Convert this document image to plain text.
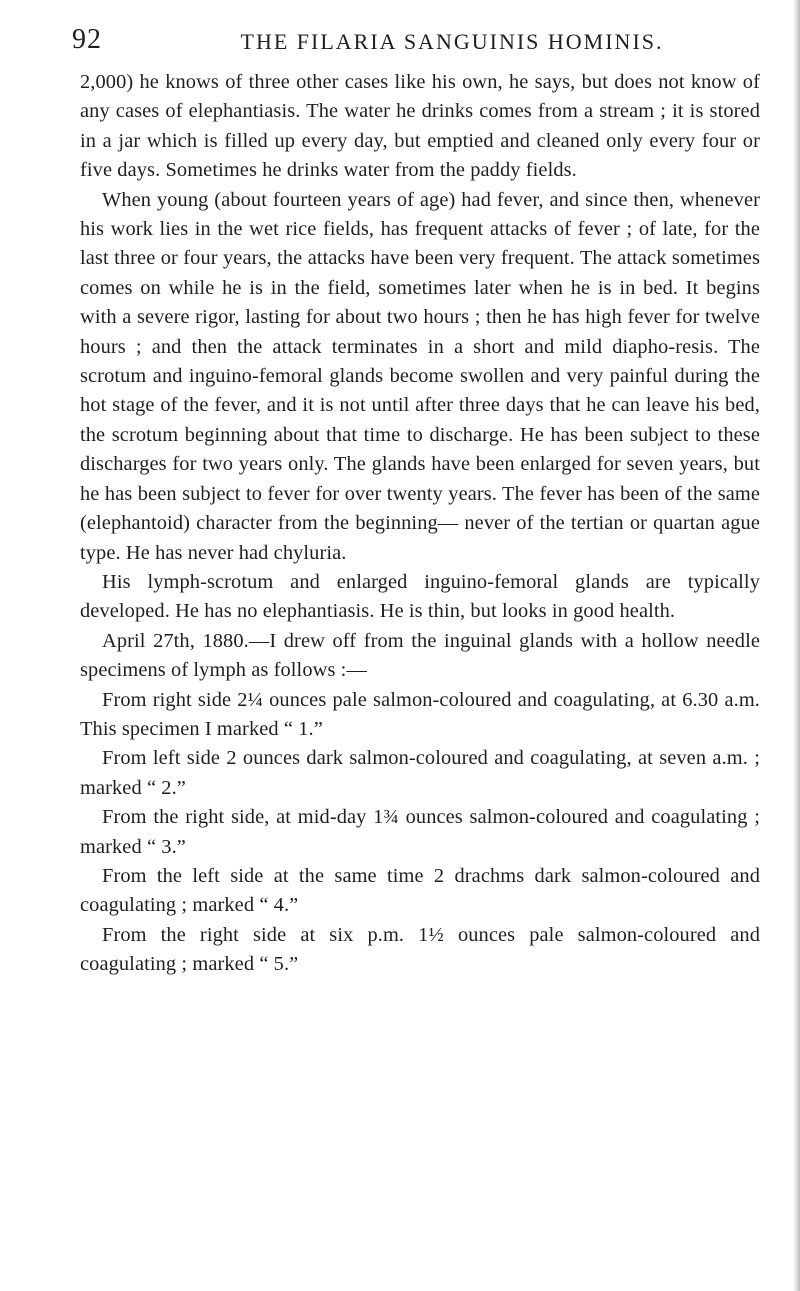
92	THE FILARIA SANGUINIS HOMINIS.

2,000) he knows of three other cases like his own, he says, but does not know of any cases of elephantiasis. The water he drinks comes from a stream ; it is stored in a jar which is filled up every day, but emptied and cleaned only every four or five days. Sometimes he drinks water from the paddy fields.

When young (about fourteen years of age) had fever, and since then, whenever his work lies in the wet rice fields, has frequent attacks of fever ; of late, for the last three or four years, the attacks have been very frequent. The attack sometimes comes on while he is in the field, sometimes later when he is in bed. It begins with a severe rigor, lasting for about two hours ; then he has high fever for twelve hours ; and then the attack terminates in a short and mild diapho-resis. The scrotum and inguino-femoral glands become swollen and very painful during the hot stage of the fever, and it is not until after three days that he can leave his bed, the scrotum beginning about that time to discharge. He has been subject to these discharges for two years only. The glands have been enlarged for seven years, but he has been subject to fever for over twenty years. The fever has been of the same (elephantoid) character from the beginning— never of the tertian or quartan ague type. He has never had chyluria.

His lymph-scrotum and enlarged inguino-femoral glands are typically developed. He has no elephantiasis. He is thin, but looks in good health.

April 27th, 1880.—I drew off from the inguinal glands with a hollow needle specimens of lymph as follows :—

From right side 2¼ ounces pale salmon-coloured and coagulating, at 6.30 a.m. This specimen I marked “ 1.”

From left side 2 ounces dark salmon-coloured and coagulating, at seven a.m. ; marked “ 2.”

From the right side, at mid-day 1¾ ounces salmon-coloured and coagulating ; marked “ 3.”

From the left side at the same time 2 drachms dark salmon-coloured and coagulating ; marked “ 4.”

From the right side at six p.m. 1½ ounces pale salmon-coloured and coagulating ; marked “ 5.”
